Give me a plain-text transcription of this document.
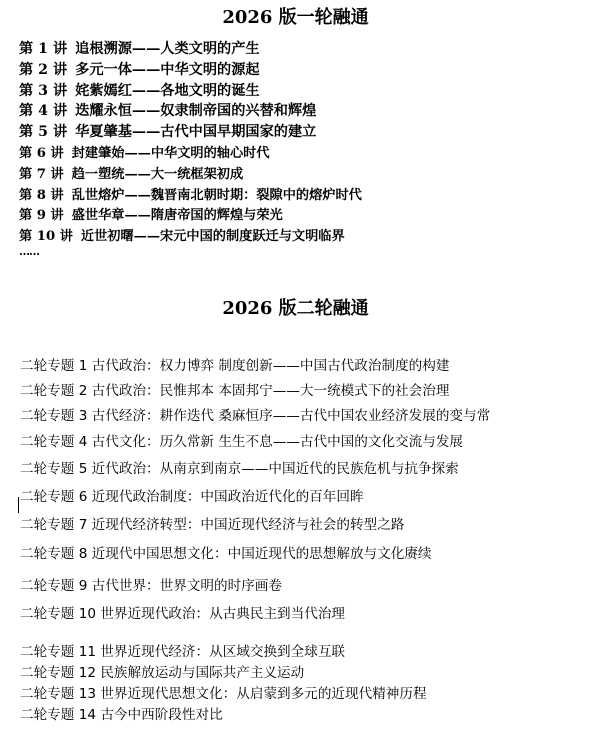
2026 版一轮融通
第 1 讲 追根溯源——人类文明的产生
第 2 讲 多元一体——中华文明的源起
第 3 讲 姹紫嫣红——各地文明的诞生
第 4 讲 迭耀永恒——奴隶制帝国的兴替和辉煌
第 5 讲 华夏肇基——古代中国早期国家的建立
第 6 讲 封建肇始——中华文明的轴心时代
第 7 讲 趋一塑统——大一统框架初成
第 8 讲 乱世熔炉——魏晋南北朝时期：裂隙中的熔炉时代
第 9 讲 盛世华章——隋唐帝国的辉煌与荣光
第 10 讲 近世初曙——宋元中国的制度跃迁与文明临界
……
2026 版二轮融通
二轮专题 1 古代政治：权力博弈 制度创新——中国古代政治制度的构建
二轮专题 2 古代政治：民惟邦本 本固邦宁——大一统模式下的社会治理
二轮专题 3 古代经济：耕作迭代 桑麻恒序——古代中国农业经济发展的变与常
二轮专题 4 古代文化：历久常新 生生不息——古代中国的文化交流与发展
二轮专题 5 近代政治：从南京到南京——中国近代的民族危机与抗争探索
二轮专题 6 近现代政治制度：中国政治近代化的百年回眸
二轮专题 7 近现代经济转型：中国近现代经济与社会的转型之路
二轮专题 8 近现代中国思想文化：中国近现代的思想解放与文化赓续
二轮专题 9 古代世界：世界文明的时序画卷
二轮专题 10 世界近现代政治：从古典民主到当代治理
二轮专题 11 世界近现代经济：从区域交换到全球互联
二轮专题 12 民族解放运动与国际共产主义运动
二轮专题 13 世界近现代思想文化：从启蒙到多元的近现代精神历程
二轮专题 14 古今中西阶段性对比
